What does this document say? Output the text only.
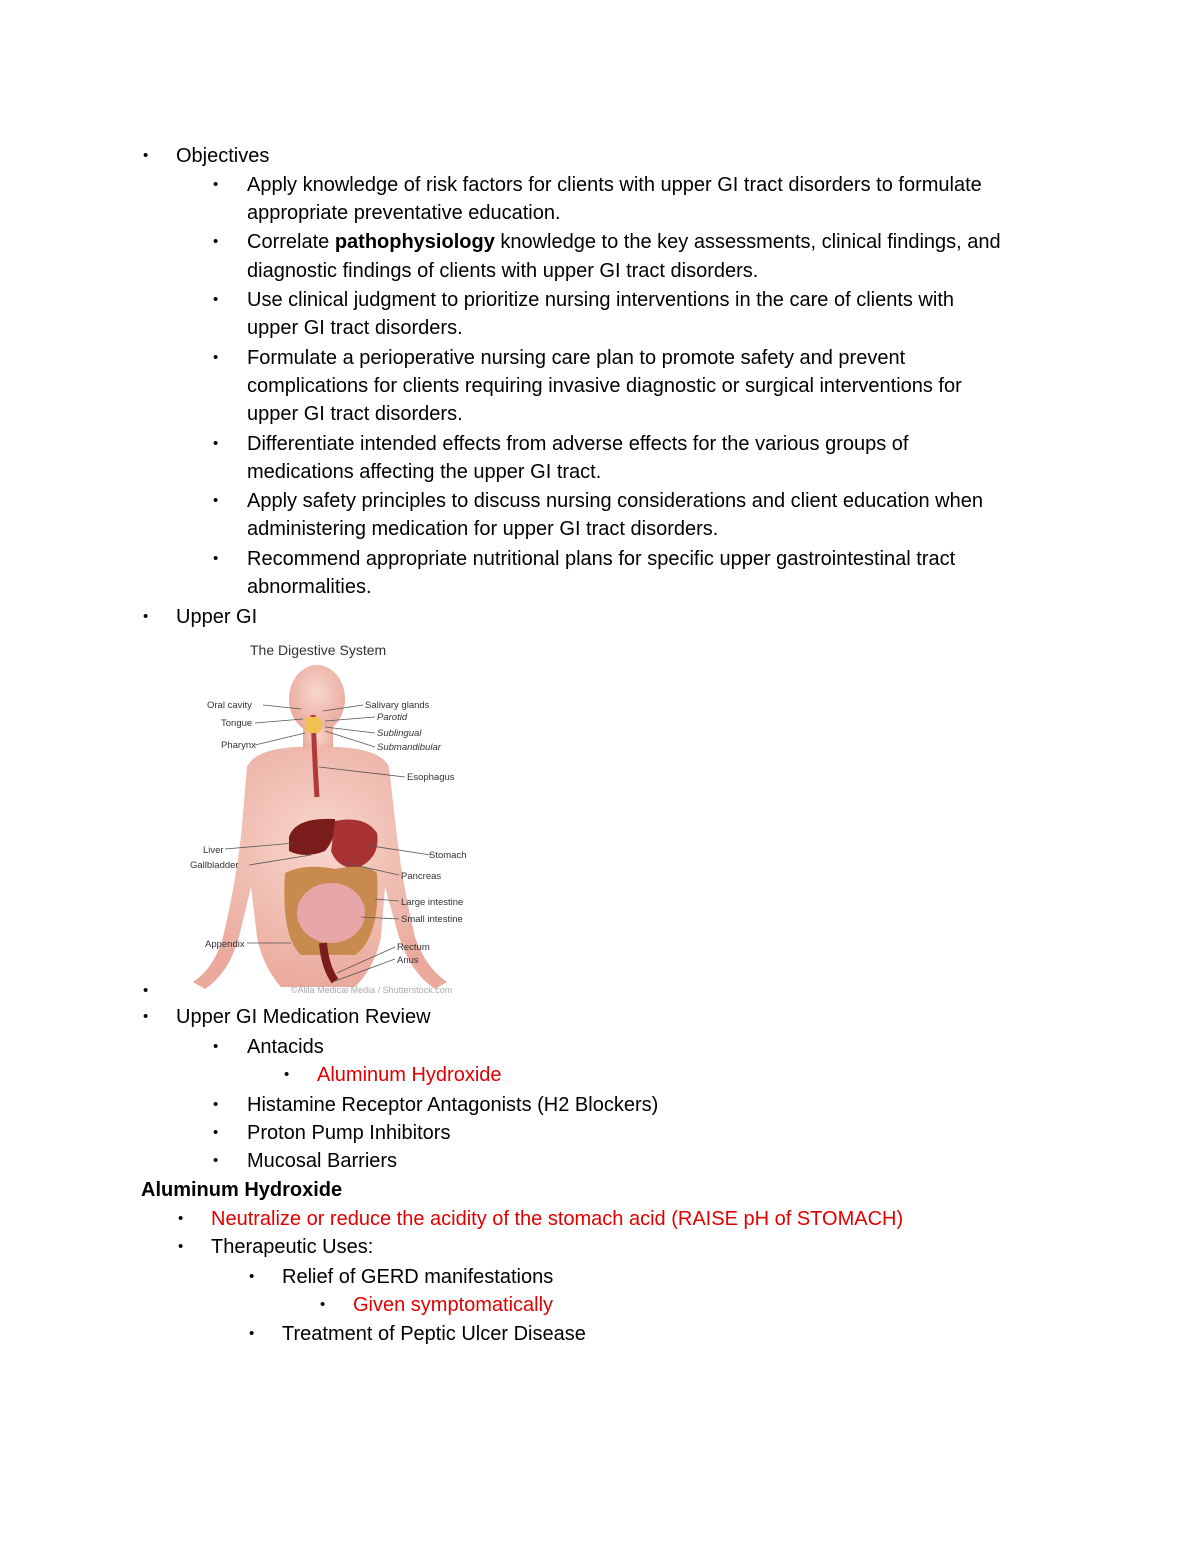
• Objectives
• Apply knowledge of risk factors for clients with upper GI tract disorders to formulate
appropriate preventative education.
• Correlate pathophysiology knowledge to the key assessments, clinical findings, and
diagnostic findings of clients with upper GI tract disorders.
• Use clinical judgment to prioritize nursing interventions in the care of clients with
upper GI tract disorders.
• Formulate a perioperative nursing care plan to promote safety and prevent
complications for clients requiring invasive diagnostic or surgical interventions for
upper GI tract disorders.
• Differentiate intended effects from adverse effects for the various groups of
medications affecting the upper GI tract.
• Apply safety principles to discuss nursing considerations and client education when
administering medication for upper GI tract disorders.
• Recommend appropriate nutritional plans for specific upper gastrointestinal tract
abnormalities.
• Upper GI
The Digestive System
Oral cavity
Tongue
Pharynx
Liver
Gallbladder
Appendix
Salivary glands
Parotid
Sublingual
Submandibular
Esophagus
Stomach
Pancreas
Large intestine
Small intestine
Rectum
Anus
©Alila Medical Media / Shutterstock.com
•
• Upper GI Medication Review
• Antacids
• Aluminum Hydroxide
• Histamine Receptor Antagonists (H2 Blockers)
• Proton Pump Inhibitors
• Mucosal Barriers
Aluminum Hydroxide
• Neutralize or reduce the acidity of the stomach acid (RAISE pH of STOMACH)
• Therapeutic Uses:
• Relief of GERD manifestations
• Given symptomatically
• Treatment of Peptic Ulcer Disease
